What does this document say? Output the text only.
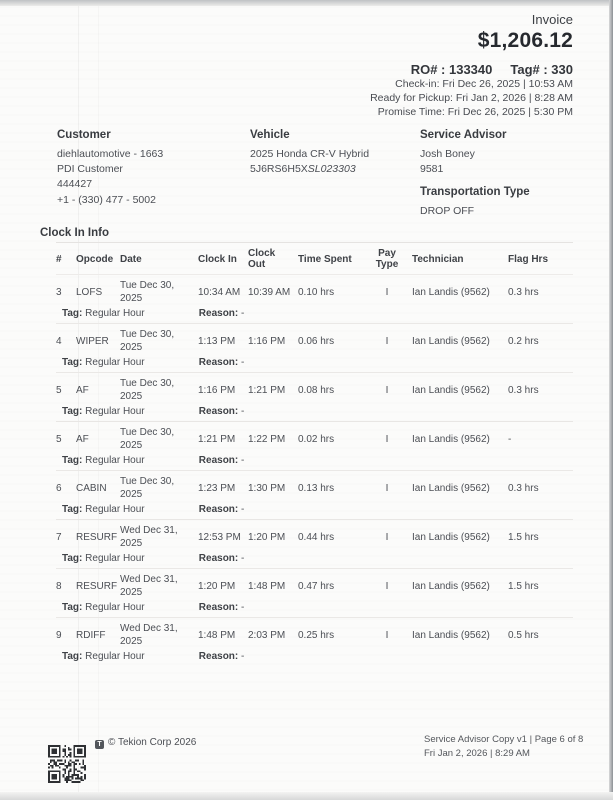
Invoice
$1,206.12
RO# : 133340 Tag# : 330
Check-in: Fri Dec 26, 2025 | 10:53 AM
Ready for Pickup: Fri Jan 2, 2026 | 8:28 AM
Promise Time: Fri Dec 26, 2025 | 5:30 PM
Customer
diehlautomotive - 1663
PDI Customer
444427
+1 - (330) 477 - 5002
Vehicle
2025 Honda CR-V Hybrid
5J6RS6H5XSL023303
Service Advisor
Josh Boney
9581
Transportation Type
DROP OFF
Clock In Info
#	Opcode Date	Clock In	Clock Out	Time Spent	Pay Type	Technician	Flag Hrs
3	LOFS
Tue Dec 30, 2025	10:34 AM 10:39 AM 0.10 hrs	I	Ian Landis (9562)	0.3 hrs
Tag: Regular Hour	Reason: -
4	WIPER
Tue Dec 30, 2025	1:13 PM	1:16 PM	0.06 hrs	I	Ian Landis (9562)	0.2 hrs
Tag: Regular Hour	Reason: -
5	AF
Tue Dec 30, 2025	1:16 PM	1:21 PM	0.08 hrs	I	Ian Landis (9562)	0.3 hrs
Tag: Regular Hour	Reason: -
5	AF
Tue Dec 30, 2025	1:21 PM	1:22 PM	0.02 hrs	I	Ian Landis (9562)	-
Tag: Regular Hour	Reason: -
6	CABIN
Tue Dec 30, 2025	1:23 PM	1:30 PM	0.13 hrs	I	Ian Landis (9562)	0.3 hrs
Tag: Regular Hour	Reason: -
7	RESURF
Wed Dec 31, 2025	12:53 PM 1:20 PM	0.44 hrs	I	Ian Landis (9562)	1.5 hrs
Tag: Regular Hour	Reason: -
8	RESURF
Wed Dec 31, 2025	1:20 PM	1:48 PM	0.47 hrs	I	Ian Landis (9562)	1.5 hrs
Tag: Regular Hour	Reason: -
9	RDIFF
Wed Dec 31, 2025	1:48 PM	2:03 PM	0.25 hrs	I	Ian Landis (9562)	0.5 hrs
Tag: Regular Hour	Reason: -
T © Tekion Corp 2026	Service Advisor Copy v1 | Page 6 of 8
Fri Jan 2, 2026 | 8:29 AM
